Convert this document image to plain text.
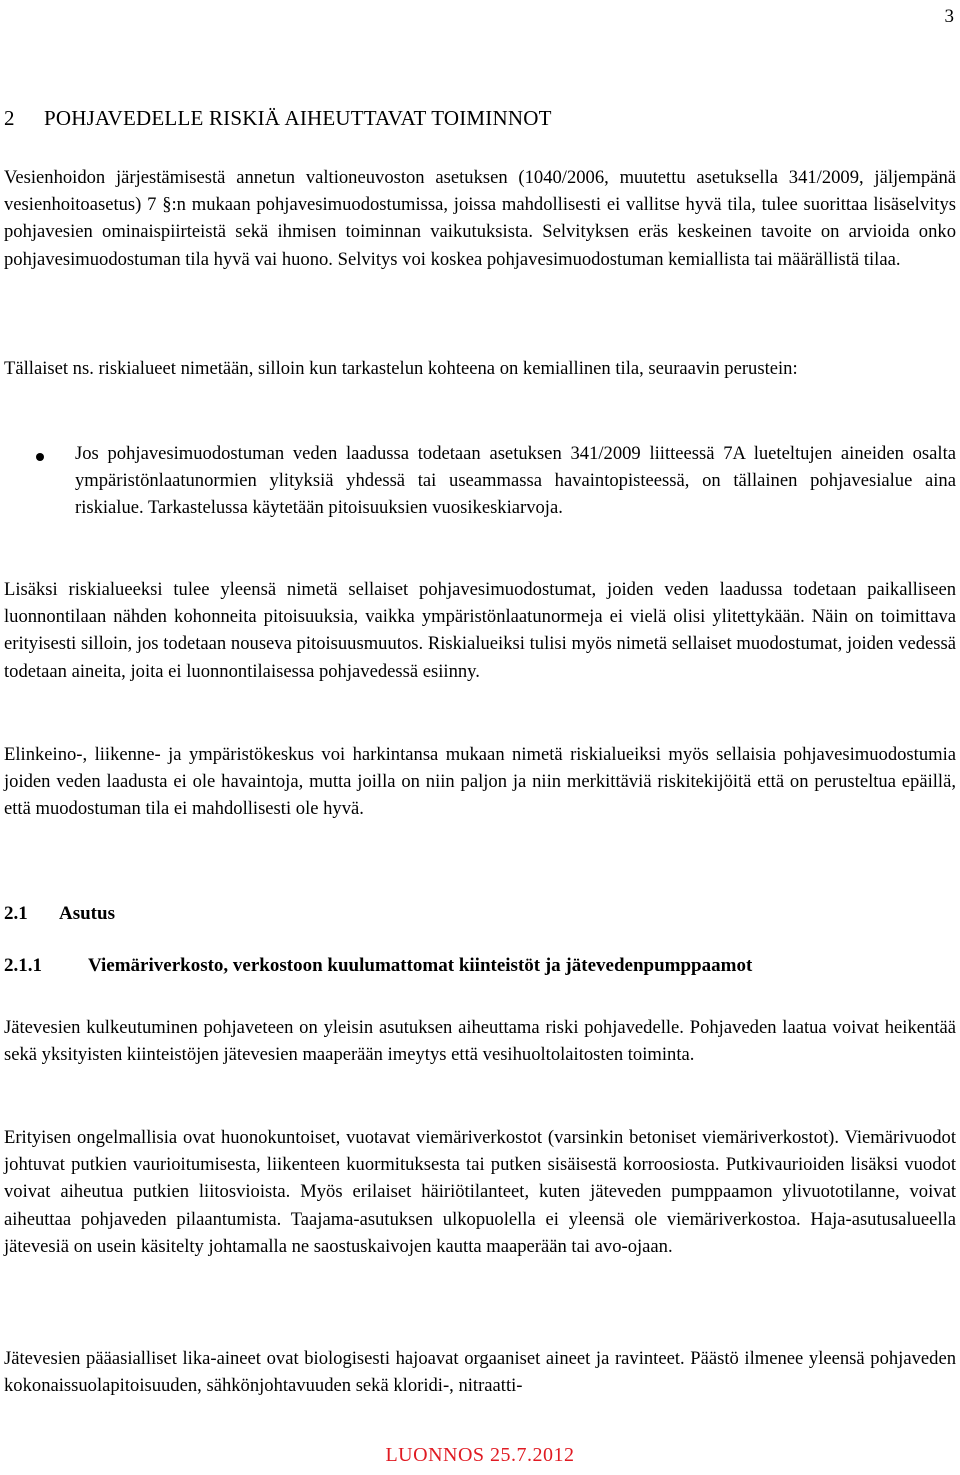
3
2 POHJAVEDELLE RISKIÄ AIHEUTTAVAT TOIMINNOT

Vesienhoidon järjestämisestä annetun valtioneuvoston asetuksen (1040/2006, muutettu asetuksella 341/2009, jäljempänä vesienhoitoasetus) 7 §:n mukaan pohjavesimuodostumissa, joissa mahdollisesti ei vallitse hyvä tila, tulee suorittaa lisäselvitys pohjavesien ominaispiirteistä sekä ihmisen toiminnan vaikutuksista. Selvityksen eräs keskeinen tavoite on arvioida onko pohjavesimuodostuman tila hyvä vai huono. Selvitys voi koskea pohjavesimuodostuman kemiallista tai määrällistä tilaa.

Tällaiset ns. riskialueet nimetään, silloin kun tarkastelun kohteena on kemiallinen tila, seuraavin perustein:

Jos pohjavesimuodostuman veden laadussa todetaan asetuksen 341/2009 liitteessä 7A lueteltujen aineiden osalta ympäristönlaatunormien ylityksiä yhdessä tai useammassa havaintopisteessä, on tällainen pohjavesialue aina riskialue. Tarkastelussa käytetään pitoisuuksien vuosikeskiarvoja.

Lisäksi riskialueeksi tulee yleensä nimetä sellaiset pohjavesimuodostumat, joiden veden laadussa todetaan paikalliseen luonnontilaan nähden kohonneita pitoisuuksia, vaikka ympäristönlaatunormeja ei vielä olisi ylitettykään. Näin on toimittava erityisesti silloin, jos todetaan nouseva pitoisuusmuutos. Riskialueiksi tulisi myös nimetä sellaiset muodostumat, joiden vedessä todetaan aineita, joita ei luonnontilaisessa pohjavedessä esiinny.

Elinkeino-, liikenne- ja ympäristökeskus voi harkintansa mukaan nimetä riskialueiksi myös sellaisia pohjavesimuodostumia joiden veden laadusta ei ole havaintoja, mutta joilla on niin paljon ja niin merkittäviä riskitekijöitä että on perusteltua epäillä, että muodostuman tila ei mahdollisesti ole hyvä.

2.1 Asutus
2.1.1 Viemäriverkosto, verkostoon kuulumattomat kiinteistöt ja jätevedenpumppaamot

Jätevesien kulkeutuminen pohjaveteen on yleisin asutuksen aiheuttama riski pohjavedelle. Pohjaveden laatua voivat heikentää sekä yksityisten kiinteistöjen jätevesien maaperään imeytys että vesihuoltolaitosten toiminta.

Erityisen ongelmallisia ovat huonokuntoiset, vuotavat viemäriverkostot (varsinkin betoniset viemäriverkostot). Viemärivuodot johtuvat putkien vaurioitumisesta, liikenteen kuormituksesta tai putken sisäisestä korroosiosta. Putkivaurioiden lisäksi vuodot voivat aiheutua putkien liitosvioista. Myös erilaiset häiriötilanteet, kuten jäteveden pumppaamon ylivuototilanne, voivat aiheuttaa pohjaveden pilaantumista. Taajama-asutuksen ulkopuolella ei yleensä ole viemäriverkostoa. Haja-asutusalueella jätevesiä on usein käsitelty johtamalla ne saostuskaivojen kautta maaperään tai avo-ojaan.

Jätevesien pääasialliset lika-aineet ovat biologisesti hajoavat orgaaniset aineet ja ravinteet. Päästö ilmenee yleensä pohjaveden kokonaissuolapitoisuuden, sähkönjohtavuuden sekä kloridi-, nitraatti-

LUONNOS 25.7.2012
